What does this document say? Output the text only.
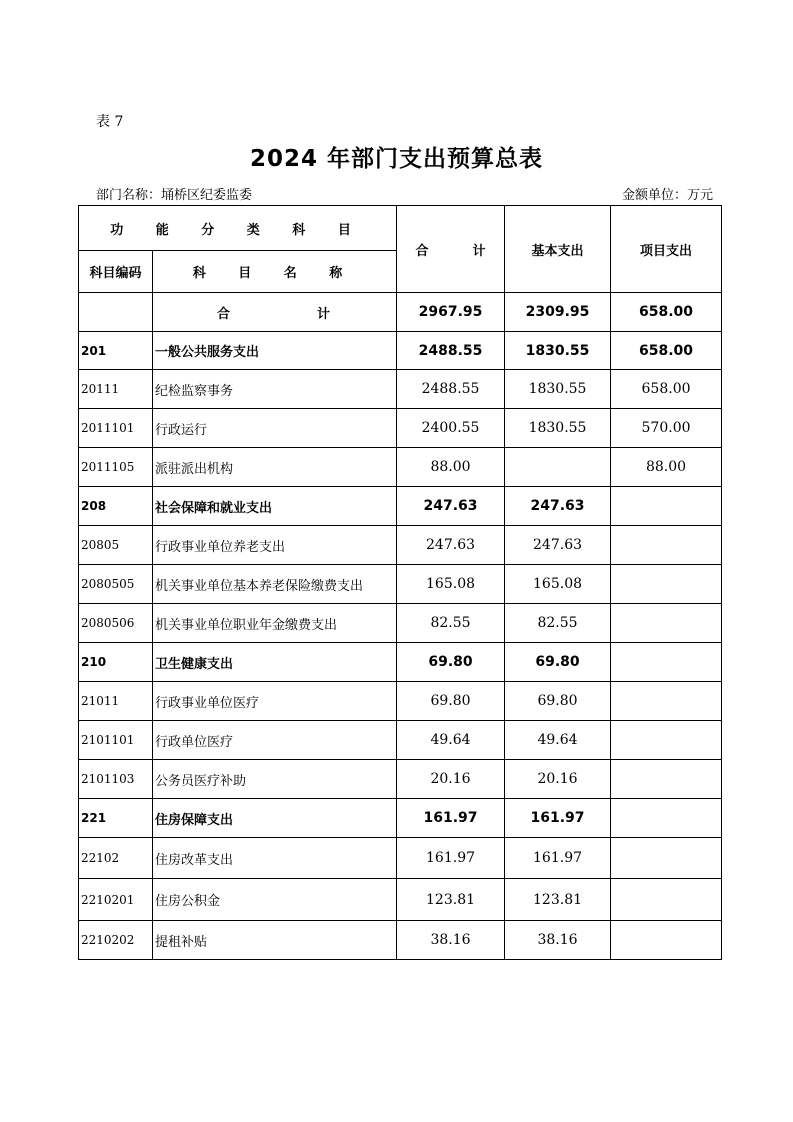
表 7
2024 年部门支出预算总表
部门名称：埇桥区纪委监委	金额单位：万元
功 能 分 类 科 目		合 计	基本支出	项目支出
科目编码	科 目 名 称			

	合 计	2967.95	2309.95	658.00
201	一般公共服务支出	2488.55	1830.55	658.00
20111	纪检监察事务	2488.55	1830.55	658.00
2011101	行政运行	2400.55	1830.55	570.00
2011105	派驻派出机构	88.00		88.00
208	社会保障和就业支出	247.63	247.63	
20805	行政事业单位养老支出	247.63	247.63	
2080505	机关事业单位基本养老保险缴费支出	165.08	165.08	
2080506	机关事业单位职业年金缴费支出	82.55	82.55	
210	卫生健康支出	69.80	69.80	
21011	行政事业单位医疗	69.80	69.80	
2101101	行政单位医疗	49.64	49.64	
2101103	公务员医疗补助	20.16	20.16	
221	住房保障支出	161.97	161.97	
22102	住房改革支出	161.97	161.97	
2210201	住房公积金	123.81	123.81	
2210202	提租补贴	38.16	38.16	
